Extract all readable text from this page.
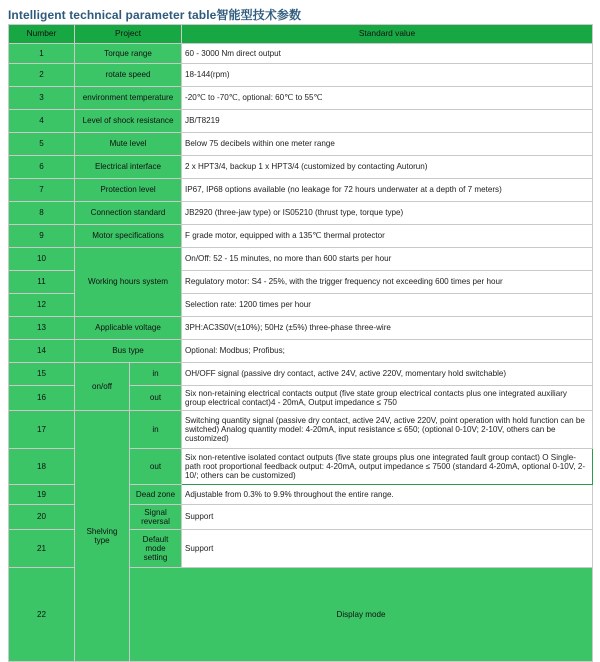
Intelligent technical parameter table智能型技术参数
Number	Project		Standard value	
1	Torque range		60 - 3000 Nm direct output	
2	rotate speed		18-144(rpm)	
3	environment temperature		-20℃ to -70℃, optional: 60℃ to 55℃	
4	Level of shock resistance		JB/T8219	
5	Mute level		Below 75 decibels within one meter range	
6	Electrical interface		2 x HPT3/4, backup 1 x HPT3/4 (customized by contacting Autorun)	
7	Protection level		IP67, IP68 options available (no leakage for 72 hours underwater at a depth of 7 meters)	
8	Connection standard		JB2920 (three-jaw type) or IS05210 (thrust type, torque type)	
9	Motor specifications		F grade motor, equipped with a 135℃ thermal protector	
10	Working hours system		On/Off: 52 - 15 minutes, no more than 600 starts per hour	
11			Regulatory motor: S4 - 25%, with the trigger frequency not exceeding 600 times per hour	
12			Selection rate: 1200 times per hour	
13	Applicable voltage		3PH:AC3S0V(±10%); 50Hz (±5%) three-phase three-wire	
14	Bus type		Optional: Modbus; Profibus;	
15	on/off	in	OH/OFF signal (passive dry contact, active 24V, active 220V, momentary hold switchable)	
16		out	Six non-retaining electrical contacts output (five state group electrical contacts plus one integrated auxiliary group electrical contact)4 - 20mA, Output impedance ≤ 750	
17	Shelving type	in	Switching quantity signal (passive dry contact, active 24V, active 220V, point operation with hold function can be switched) Analog quantity model: 4-20mA, input resistance ≤ 650; (optional 0-10V; 2-10V, others can be customized)	
18		out	Six non-retentive isolated contact outputs (five state groups plus one integrated fault group contact) O Single-path root proportional feedback output: 4-20mA, output impedance ≤ 7500 (standard 4-20mA, optional 0-10V, 2-10/; others can be customized)	
19		Dead zone	Adjustable from 0.3% to 9.9% throughout the entire range.	
20		Signal reversal	Support	
21		Default mode setting	Support	
22		Display mode	
